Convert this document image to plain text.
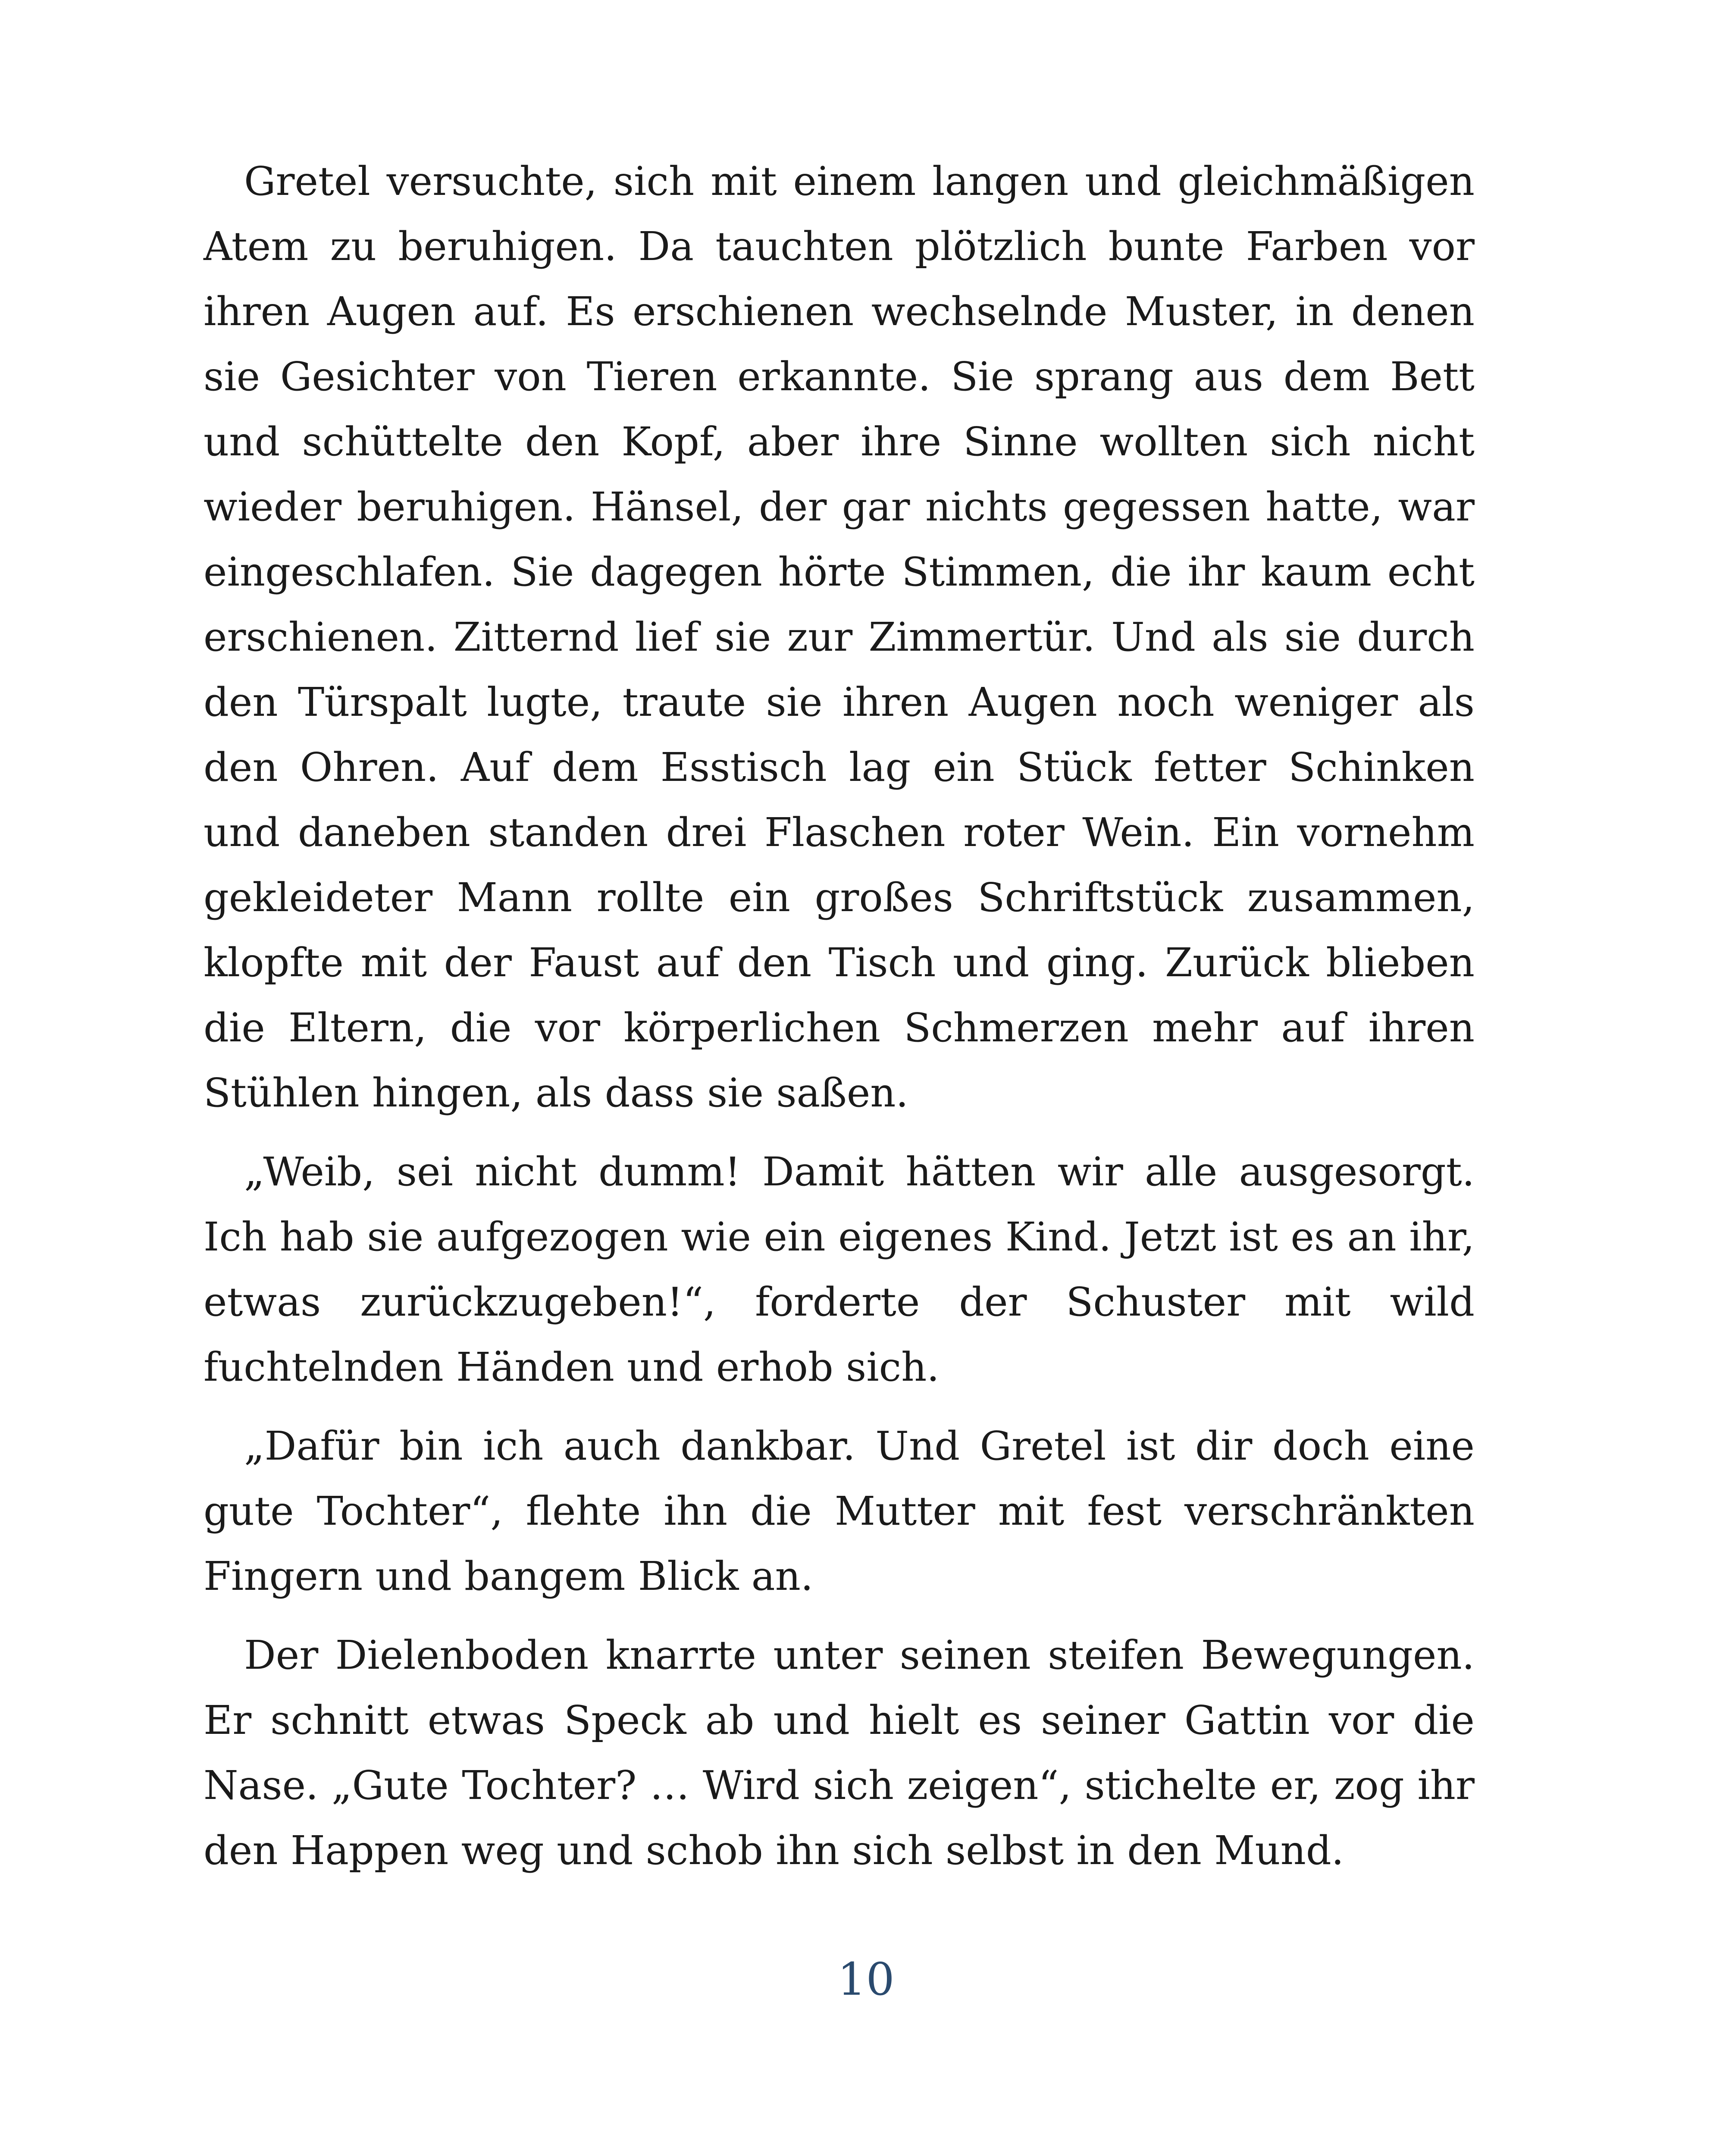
Gretel versuchte, sich mit einem langen und gleichmäßigen Atem zu beruhigen. Da tauchten plötzlich bunte Farben vor ihren Augen auf. Es erschienen wechselnde Muster, in denen sie Gesichter von Tieren erkannte. Sie sprang aus dem Bett und schüttelte den Kopf, aber ihre Sinne wollten sich nicht wieder beruhigen. Hänsel, der gar nichts gegessen hatte, war eingeschlafen. Sie dagegen hörte Stimmen, die ihr kaum echt erschienen. Zitternd lief sie zur Zimmertür. Und als sie durch den Türspalt lugte, traute sie ihren Augen noch weniger als den Ohren. Auf dem Esstisch lag ein Stück fetter Schinken und daneben standen drei Flaschen roter Wein. Ein vornehm gekleideter Mann rollte ein großes Schriftstück zusammen, klopfte mit der Faust auf den Tisch und ging. Zurück blieben die Eltern, die vor körperlichen Schmerzen mehr auf ihren Stühlen hingen, als dass sie saßen.

„Weib, sei nicht dumm! Damit hätten wir alle ausgesorgt. Ich hab sie aufgezogen wie ein eigenes Kind. Jetzt ist es an ihr, etwas zurückzugeben!“, forderte der Schuster mit wild fuchtelnden Händen und erhob sich.

„Dafür bin ich auch dankbar. Und Gretel ist dir doch eine gute Tochter“, flehte ihn die Mutter mit fest verschränkten Fingern und bangem Blick an.

Der Dielenboden knarrte unter seinen steifen Bewegungen. Er schnitt etwas Speck ab und hielt es seiner Gattin vor die Nase. „Gute Tochter? … Wird sich zeigen“, stichelte er, zog ihr den Happen weg und schob ihn sich selbst in den Mund.

10
